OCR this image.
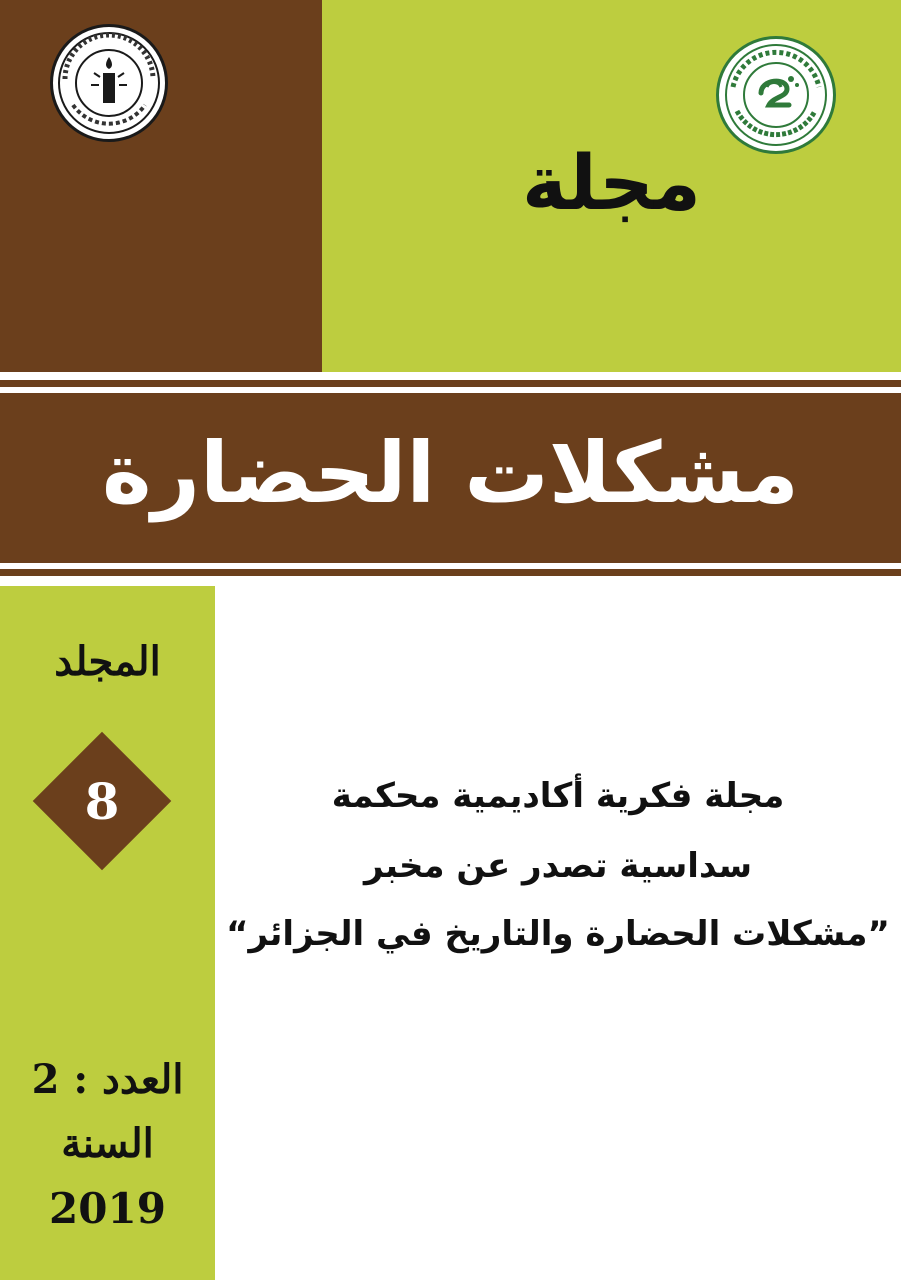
مجلة
مشكلات الحضارة
المجلد
8	مجلة فكرية أكاديمية محكمة
سداسية تصدر عن مخبر
”مشكلات الحضارة والتاريخ في الجزائر“
العدد : 2
السنة
2019
